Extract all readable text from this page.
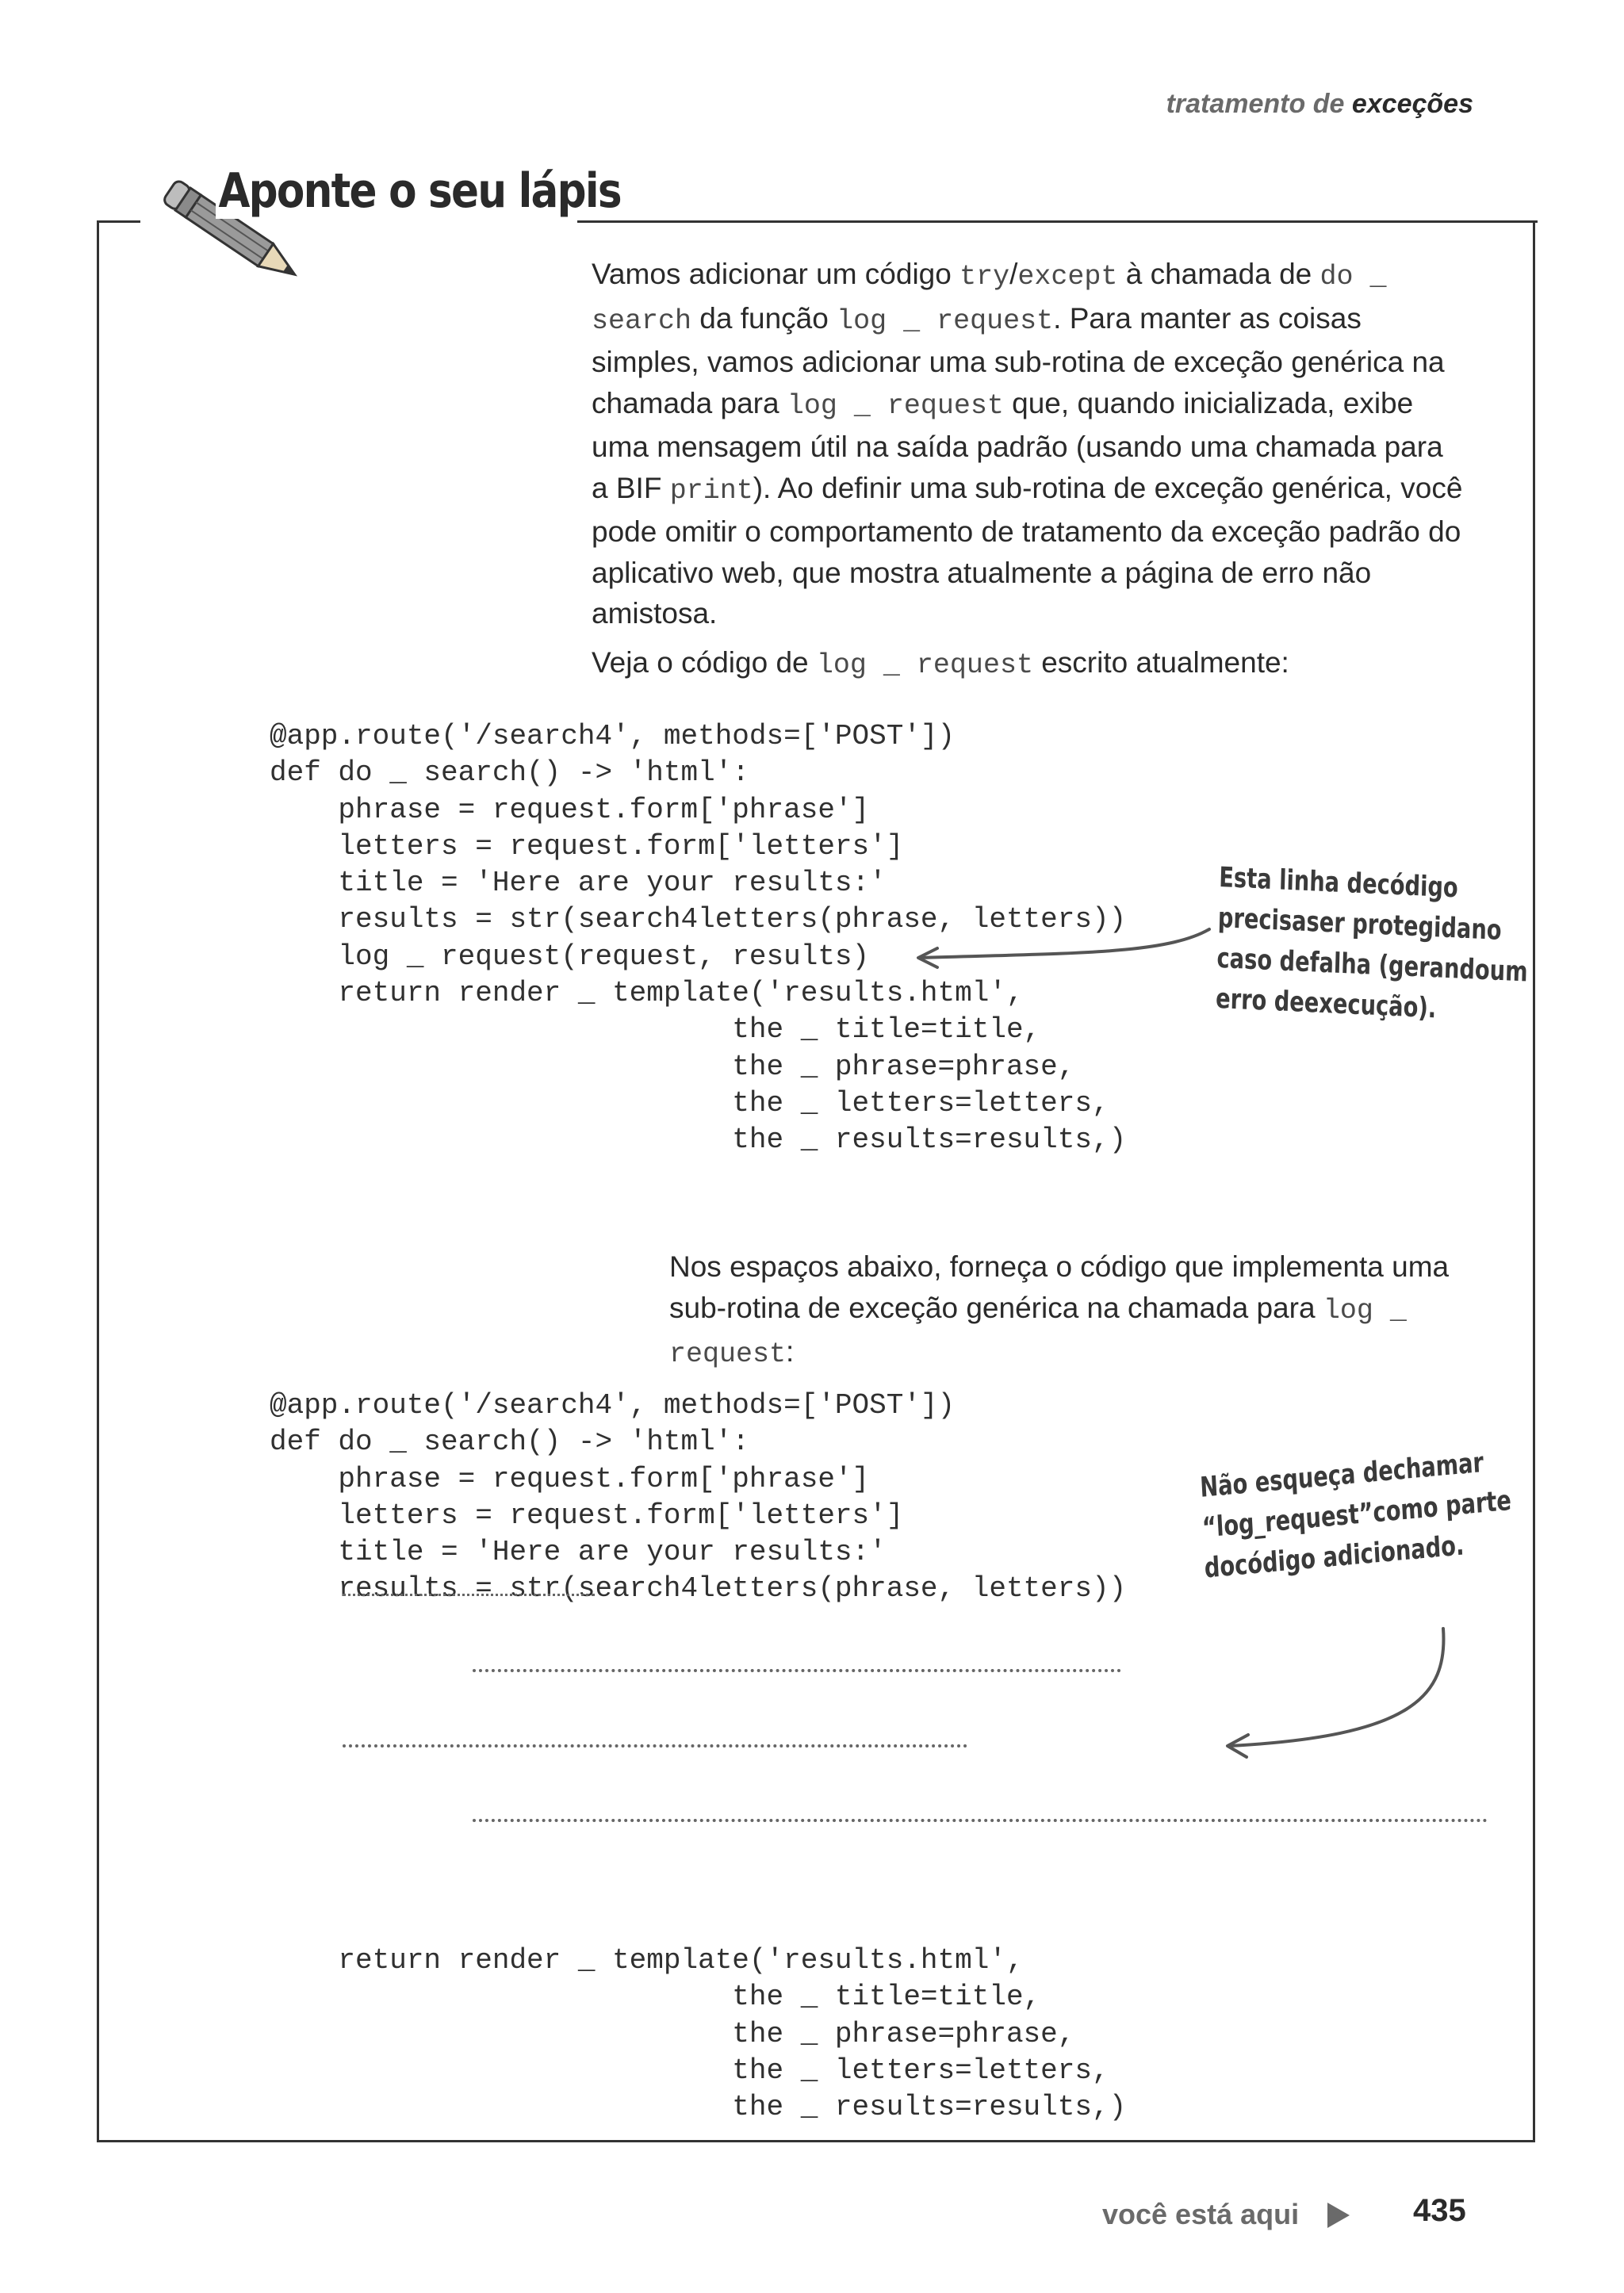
tratamento de exceções
Aponte o seu lápis
Vamos adicionar um código try/except à chamada de do _ search da função log _ request. Para manter as coisas simples, vamos adicionar uma sub-rotina de exceção genérica na chamada para log _ request que, quando inicializada, exibe uma mensagem útil na saída padrão (usando uma chamada para a BIF print). Ao definir uma sub-rotina de exceção genérica, você pode omitir o comportamento de tratamento da exceção padrão do aplicativo web, que mostra atualmente a página de erro não amistosa.
Veja o código de log _ request escrito atualmente:
@app.route('/search4', methods=['POST'])
def do _ search() -> 'html':
phrase = request.form['phrase']
letters = request.form['letters']
title = 'Here are your results:'
results = str(search4letters(phrase, letters))
log _ request(request, results)
return render _ template('results.html',
the _ title=title,
the _ phrase=phrase,
the _ letters=letters,
the _ results=results,)
Esta linha decódigo precisaser protegidano caso defalha (gerandoum erro deexecução).
Nos espaços abaixo, forneça o código que implementa uma sub-rotina de exceção genérica na chamada para log _ request:
@app.route('/search4', methods=['POST'])
def do _ search() -> 'html':
phrase = request.form['phrase']
letters = request.form['letters']
title = 'Here are your results:'
results = str(search4letters(phrase, letters))
Não esqueça dechamar “log_request”como parte docódigo adicionado.
return render _ template('results.html',
the _ title=title,
the _ phrase=phrase,
the _ letters=letters,
the _ results=results,)
você está aqui	435
